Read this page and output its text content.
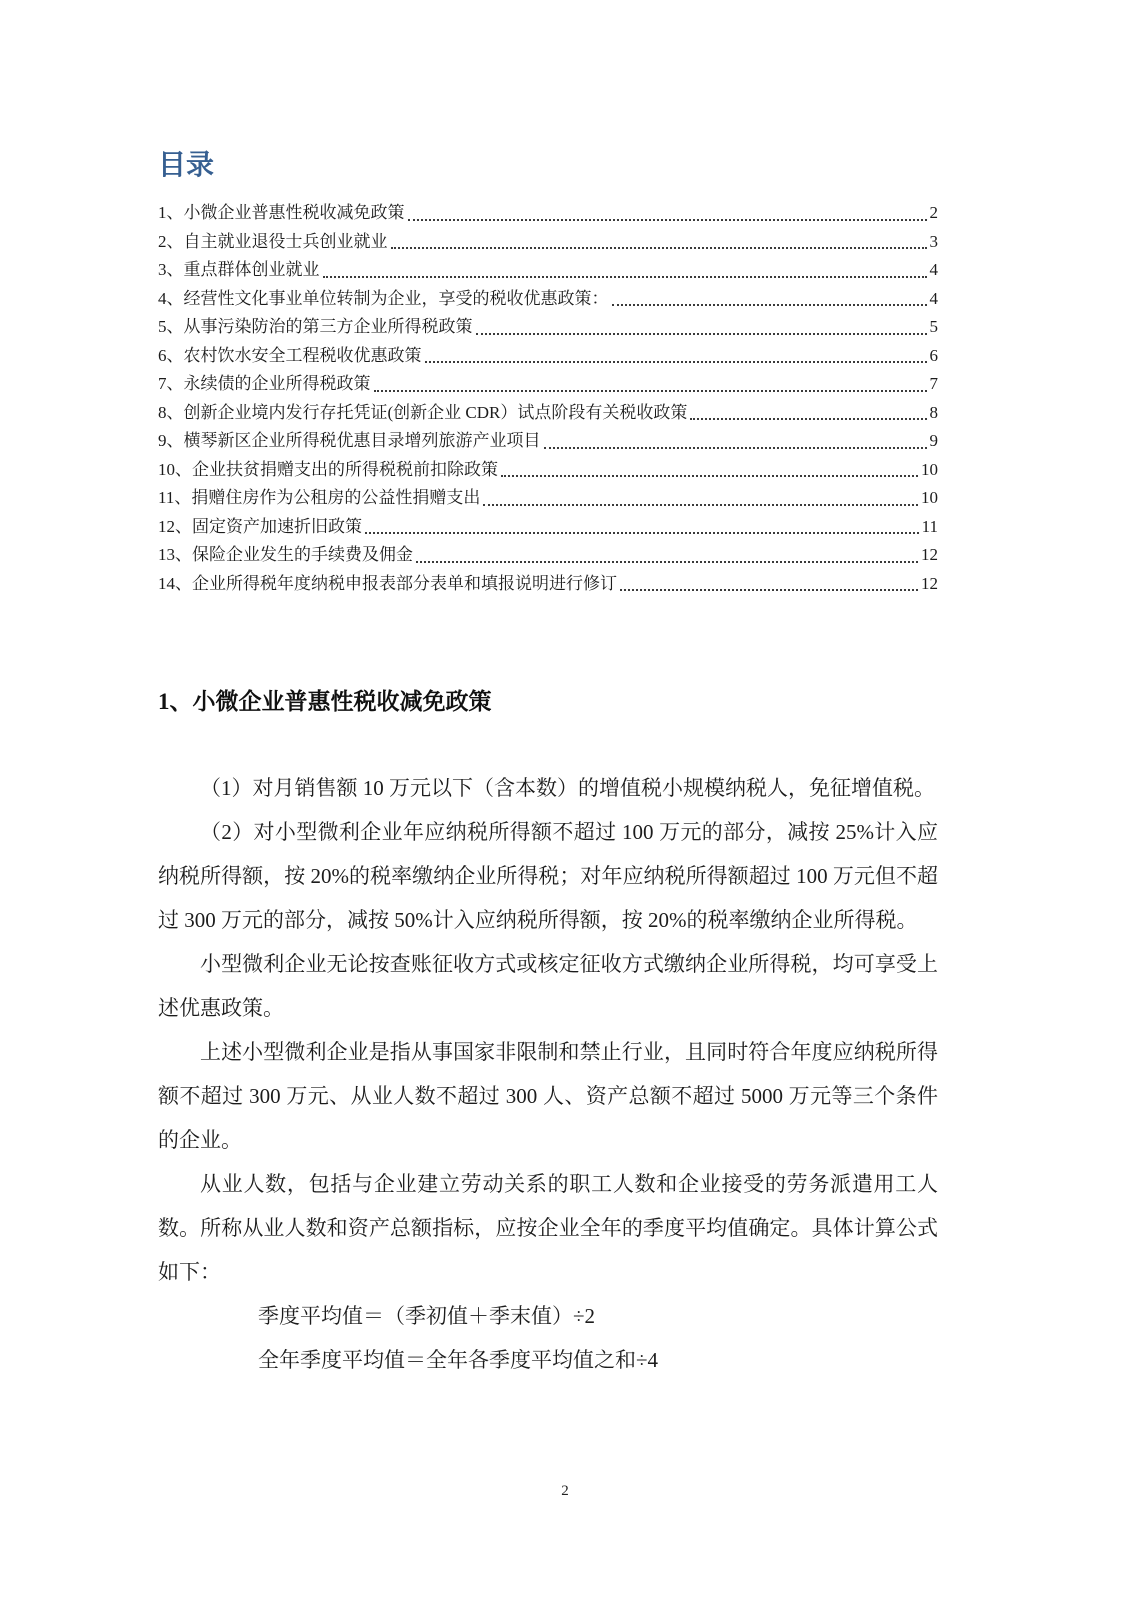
目录
1、小微企业普惠性税收减免政策	2
2、自主就业退役士兵创业就业	3
3、重点群体创业就业	4
4、经营性文化事业单位转制为企业，享受的税收优惠政策：	4
5、从事污染防治的第三方企业所得税政策	5
6、农村饮水安全工程税收优惠政策	6
7、永续债的企业所得税政策	7
8、创新企业境内发行存托凭证(创新企业 CDR）试点阶段有关税收政策	8
9、横琴新区企业所得税优惠目录增列旅游产业项目	9
10、企业扶贫捐赠支出的所得税税前扣除政策	10
11、捐赠住房作为公租房的公益性捐赠支出	10
12、固定资产加速折旧政策	11
13、保险企业发生的手续费及佣金	12
14、企业所得税年度纳税申报表部分表单和填报说明进行修订	12
1、小微企业普惠性税收减免政策

（1）对月销售额 10 万元以下（含本数）的增值税小规模纳税人，免征增值税。

（2）对小型微利企业年应纳税所得额不超过 100 万元的部分，减按 25%计入应纳税所得额，按 20%的税率缴纳企业所得税；对年应纳税所得额超过 100 万元但不超过 300 万元的部分，减按 50%计入应纳税所得额，按 20%的税率缴纳企业所得税。

小型微利企业无论按查账征收方式或核定征收方式缴纳企业所得税，均可享受上述优惠政策。

上述小型微利企业是指从事国家非限制和禁止行业，且同时符合年度应纳税所得额不超过 300 万元、从业人数不超过 300 人、资产总额不超过 5000 万元等三个条件的企业。

从业人数，包括与企业建立劳动关系的职工人数和企业接受的劳务派遣用工人数。所称从业人数和资产总额指标，应按企业全年的季度平均值确定。具体计算公式如下：

季度平均值＝（季初值＋季末值）÷2

全年季度平均值＝全年各季度平均值之和÷4

2
